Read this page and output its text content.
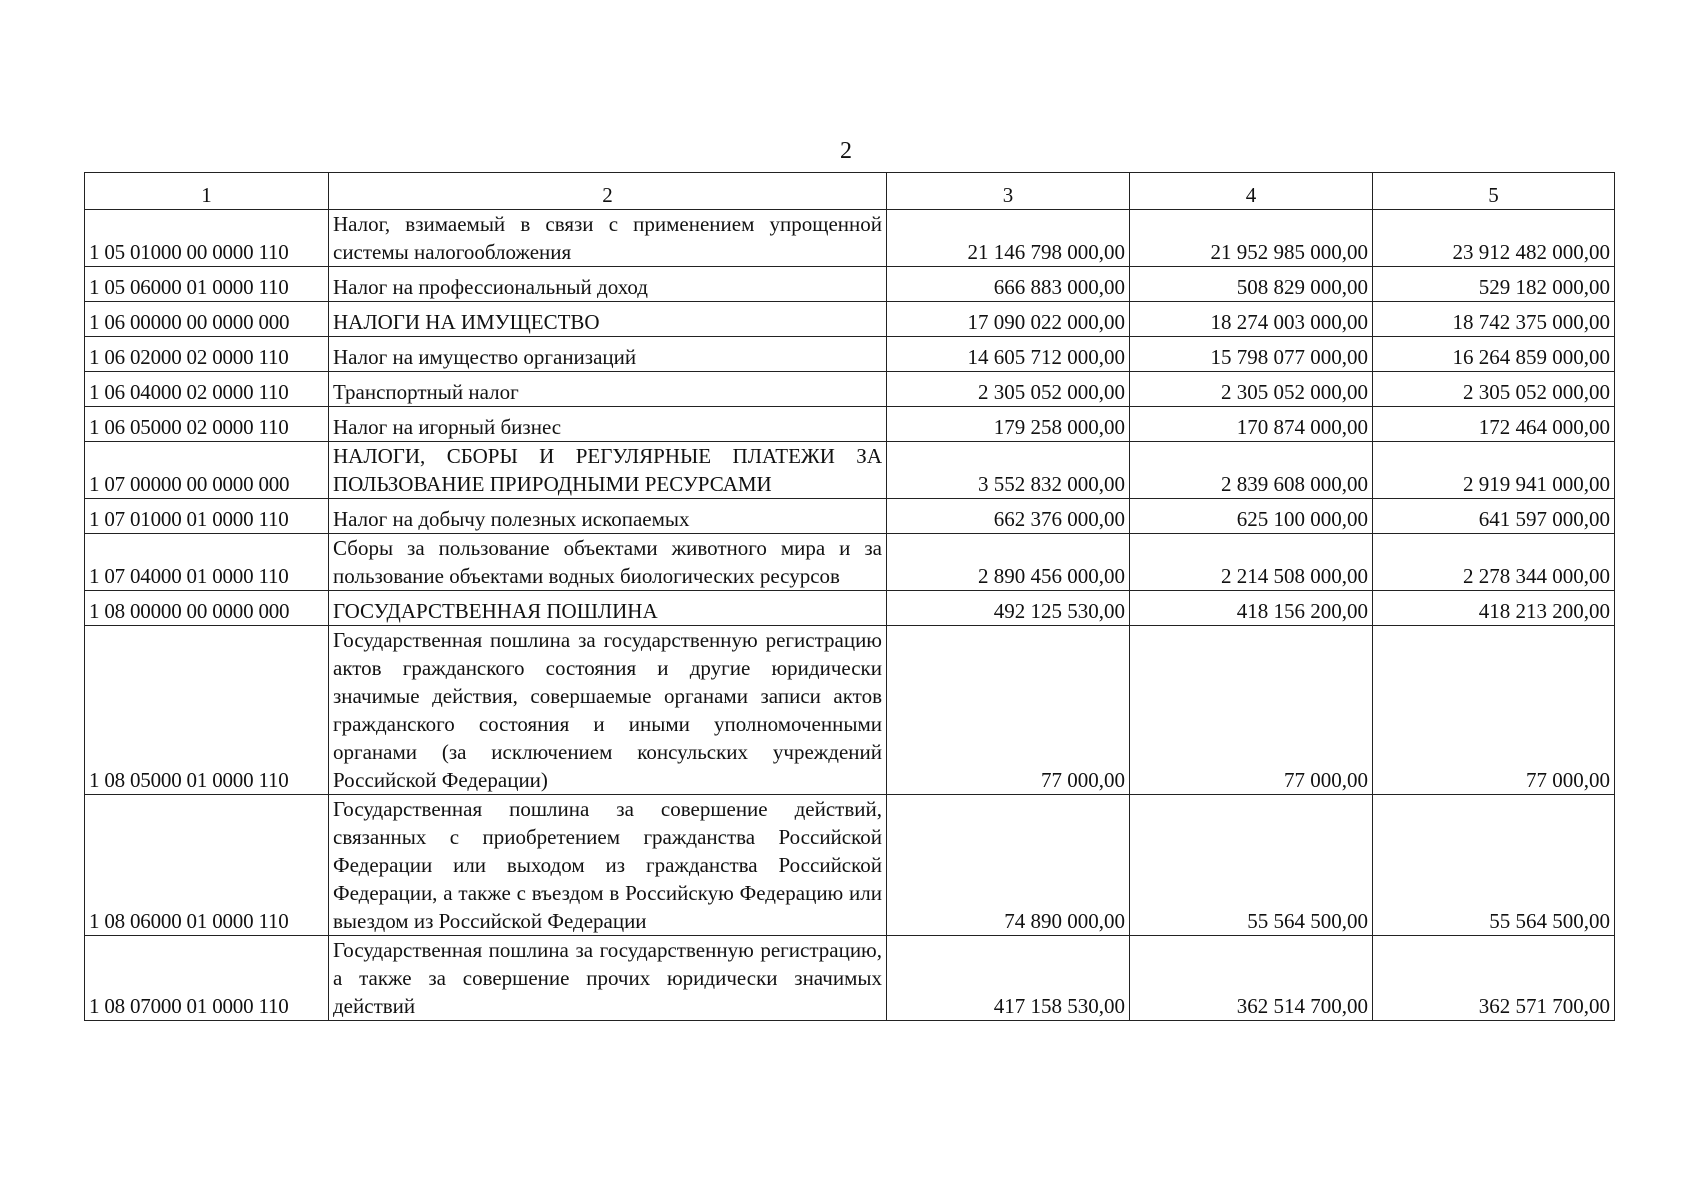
2
1	2	3	4	5
1 05 01000 00 0000 110	Налог, взимаемый в связи с применением упрощенной системы налогообложения	21 146 798 000,00	21 952 985 000,00	23 912 482 000,00
1 05 06000 01 0000 110	Налог на профессиональный доход	666 883 000,00	508 829 000,00	529 182 000,00
1 06 00000 00 0000 000	НАЛОГИ НА ИМУЩЕСТВО	17 090 022 000,00	18 274 003 000,00	18 742 375 000,00
1 06 02000 02 0000 110	Налог на имущество организаций	14 605 712 000,00	15 798 077 000,00	16 264 859 000,00
1 06 04000 02 0000 110	Транспортный налог	2 305 052 000,00	2 305 052 000,00	2 305 052 000,00
1 06 05000 02 0000 110	Налог на игорный бизнес	179 258 000,00	170 874 000,00	172 464 000,00
1 07 00000 00 0000 000	НАЛОГИ, СБОРЫ И РЕГУЛЯРНЫЕ ПЛАТЕЖИ ЗА ПОЛЬЗОВАНИЕ ПРИРОДНЫМИ РЕСУРСАМИ	3 552 832 000,00	2 839 608 000,00	2 919 941 000,00
1 07 01000 01 0000 110	Налог на добычу полезных ископаемых	662 376 000,00	625 100 000,00	641 597 000,00
1 07 04000 01 0000 110	Сборы за пользование объектами животного мира и за пользование объектами водных биологических ресурсов	2 890 456 000,00	2 214 508 000,00	2 278 344 000,00
1 08 00000 00 0000 000	ГОСУДАРСТВЕННАЯ ПОШЛИНА	492 125 530,00	418 156 200,00	418 213 200,00
1 08 05000 01 0000 110	Государственная пошлина за государственную регистрацию актов гражданского состояния и другие юридически значимые действия, совершаемые органами записи актов гражданского состояния и иными уполномоченными органами (за исключением консульских учреждений Российской Федерации)	77 000,00	77 000,00	77 000,00
1 08 06000 01 0000 110	Государственная пошлина за совершение действий, связанных с приобретением гражданства Российской Федерации или выходом из гражданства Российской Федерации, а также с въездом в Российскую Федерацию или выездом из Российской Федерации	74 890 000,00	55 564 500,00	55 564 500,00
1 08 07000 01 0000 110	Государственная пошлина за государственную регистрацию, а также за совершение прочих юридически значимых действий	417 158 530,00	362 514 700,00	362 571 700,00
